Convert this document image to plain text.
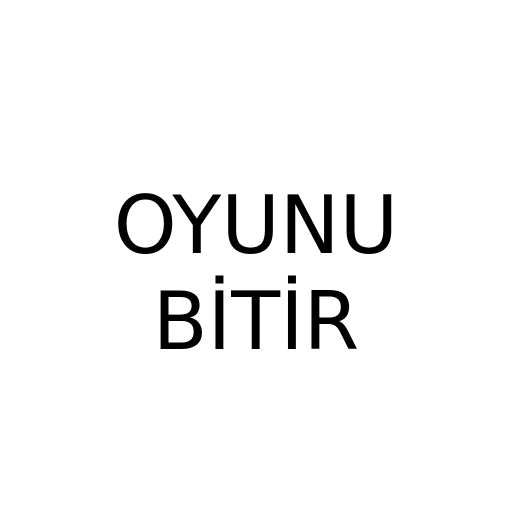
OYUNU
BİTİR
